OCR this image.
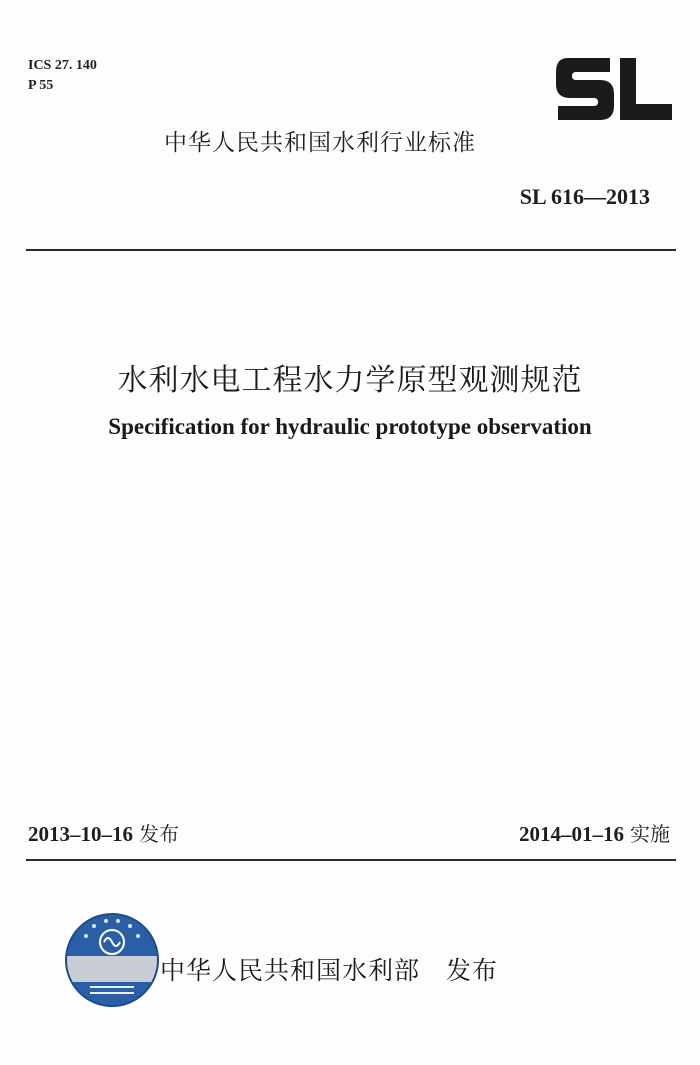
ICS 27. 140
P 55
中华人民共和国水利行业标准
SL 616—2013
水利水电工程水力学原型观测规范
Specification for hydraulic prototype observation
2013–10–16 发布	2014–01–16 实施
中华人民共和国水利部 发布
